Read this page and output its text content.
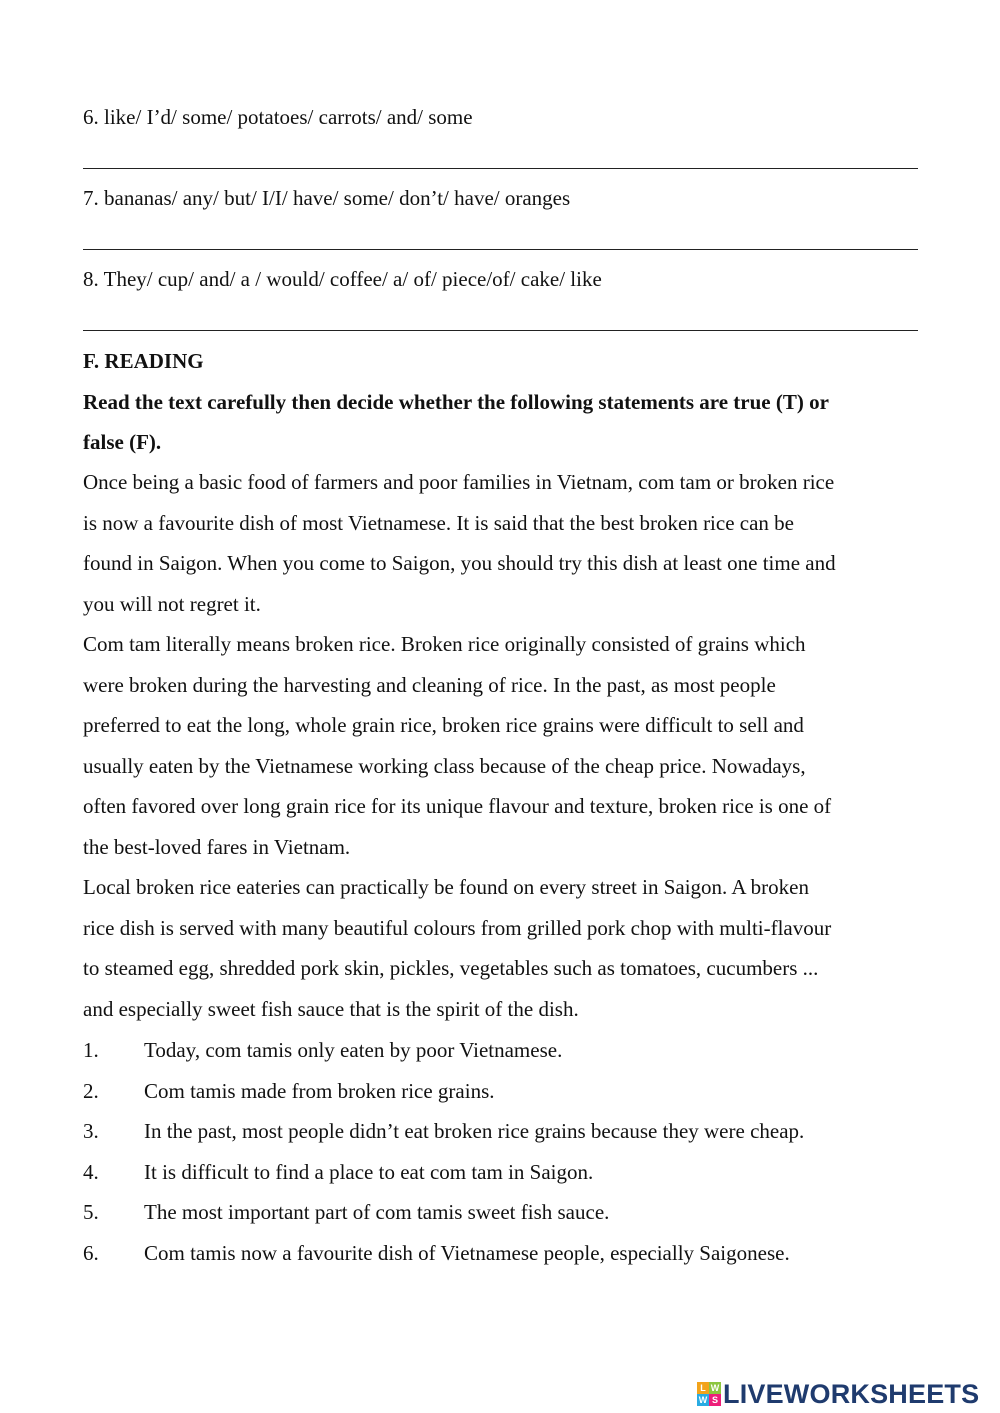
6. like/ I’d/ some/ potatoes/ carrots/ and/ some
7. bananas/ any/ but/ I/I/ have/ some/ don’t/ have/ oranges
8. They/ cup/ and/ a / would/ coffee/ a/ of/ piece/of/ cake/ like
F. READING
Read the text carefully then decide whether the following statements are true (T) or
false (F).
Once being a basic food of farmers and poor families in Vietnam, com tam or broken rice
is now a favourite dish of most Vietnamese. It is said that the best broken rice can be
found in Saigon. When you come to Saigon, you should try this dish at least one time and
you will not regret it.
Com tam literally means broken rice. Broken rice originally consisted of grains which
were broken during the harvesting and cleaning of rice. In the past, as most people
preferred to eat the long, whole grain rice, broken rice grains were difficult to sell and
usually eaten by the Vietnamese working class because of the cheap price. Nowadays,
often favored over long grain rice for its unique flavour and texture, broken rice is one of
the best-loved fares in Vietnam.
Local broken rice eateries can practically be found on every street in Saigon. A broken
rice dish is served with many beautiful colours from grilled pork chop with multi-flavour
to steamed egg, shredded pork skin, pickles, vegetables such as tomatoes, cucumbers ...
and especially sweet fish sauce that is the spirit of the dish.
1. Today, com tamis only eaten by poor Vietnamese.
2. Com tamis made from broken rice grains.
3. In the past, most people didn’t eat broken rice grains because they were cheap.
4. It is difficult to find a place to eat com tam in Saigon.
5. The most important part of com tamis sweet fish sauce.
6. Com tamis now a favourite dish of Vietnamese people, especially Saigonese.
L W
W S LIVEWORKSHEETS
